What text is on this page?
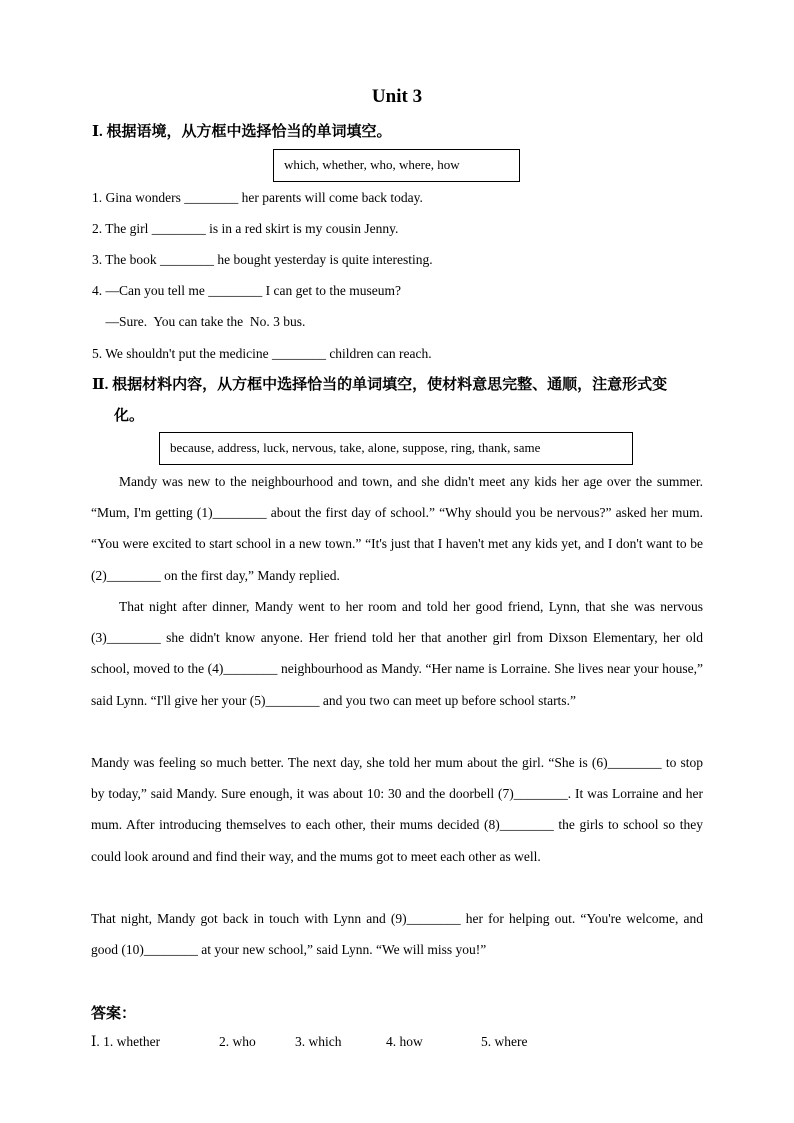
Unit 3
Ⅰ. 根据语境，从方框中选择恰当的单词填空。
which, whether, who, where, how
1. Gina wonders ________ her parents will come back today.
2. The girl ________ is in a red skirt is my cousin Jenny.
3. The book ________ he bought yesterday is quite interesting.
4. —Can you tell me ________ I can get to the museum?
—Sure.  You can take the  No. 3 bus.
5. We shouldn't put the medicine ________ children can reach.
Ⅱ. 根据材料内容，从方框中选择恰当的单词填空，使材料意思完整、通顺，注意形式变
化。
because, address, luck, nervous, take, alone, suppose, ring, thank, same
Mandy was new to the neighbourhood and town, and she didn't meet any kids her age over the summer. “Mum, I'm getting (1)________ about the first day of school.” “Why should you be nervous?” asked her mum. “You were excited to start school in a new town.” “It's just that I haven't met any kids yet, and I don't want to be (2)________ on the first day,” Mandy replied.
That night after dinner, Mandy went to her room and told her good friend, Lynn, that she was nervous (3)________ she didn't know anyone. Her friend told her that another girl from Dixson Elementary, her old school, moved to the (4)________ neighbourhood as Mandy. “Her name is Lorraine. She lives near your house,” said Lynn. “I'll give her your (5)________ and you two can meet up before school starts.”
Mandy was feeling so much better. The next day, she told her mum about the girl. “She is (6)________ to stop by today,” said Mandy. Sure enough, it was about 10: 30 and the doorbell (7)________. It was Lorraine and her mum. After introducing themselves to each other, their mums decided (8)________ the girls to school so they could look around and find their way, and the mums got to meet each other as well.
That night, Mandy got back in touch with Lynn and (9)________ her for helping out. “You're welcome, and good (10)________ at your new school,” said Lynn. “We will miss you!”
答案：
Ⅰ. 1. whether	2. who	3. which	4. how	5. where
